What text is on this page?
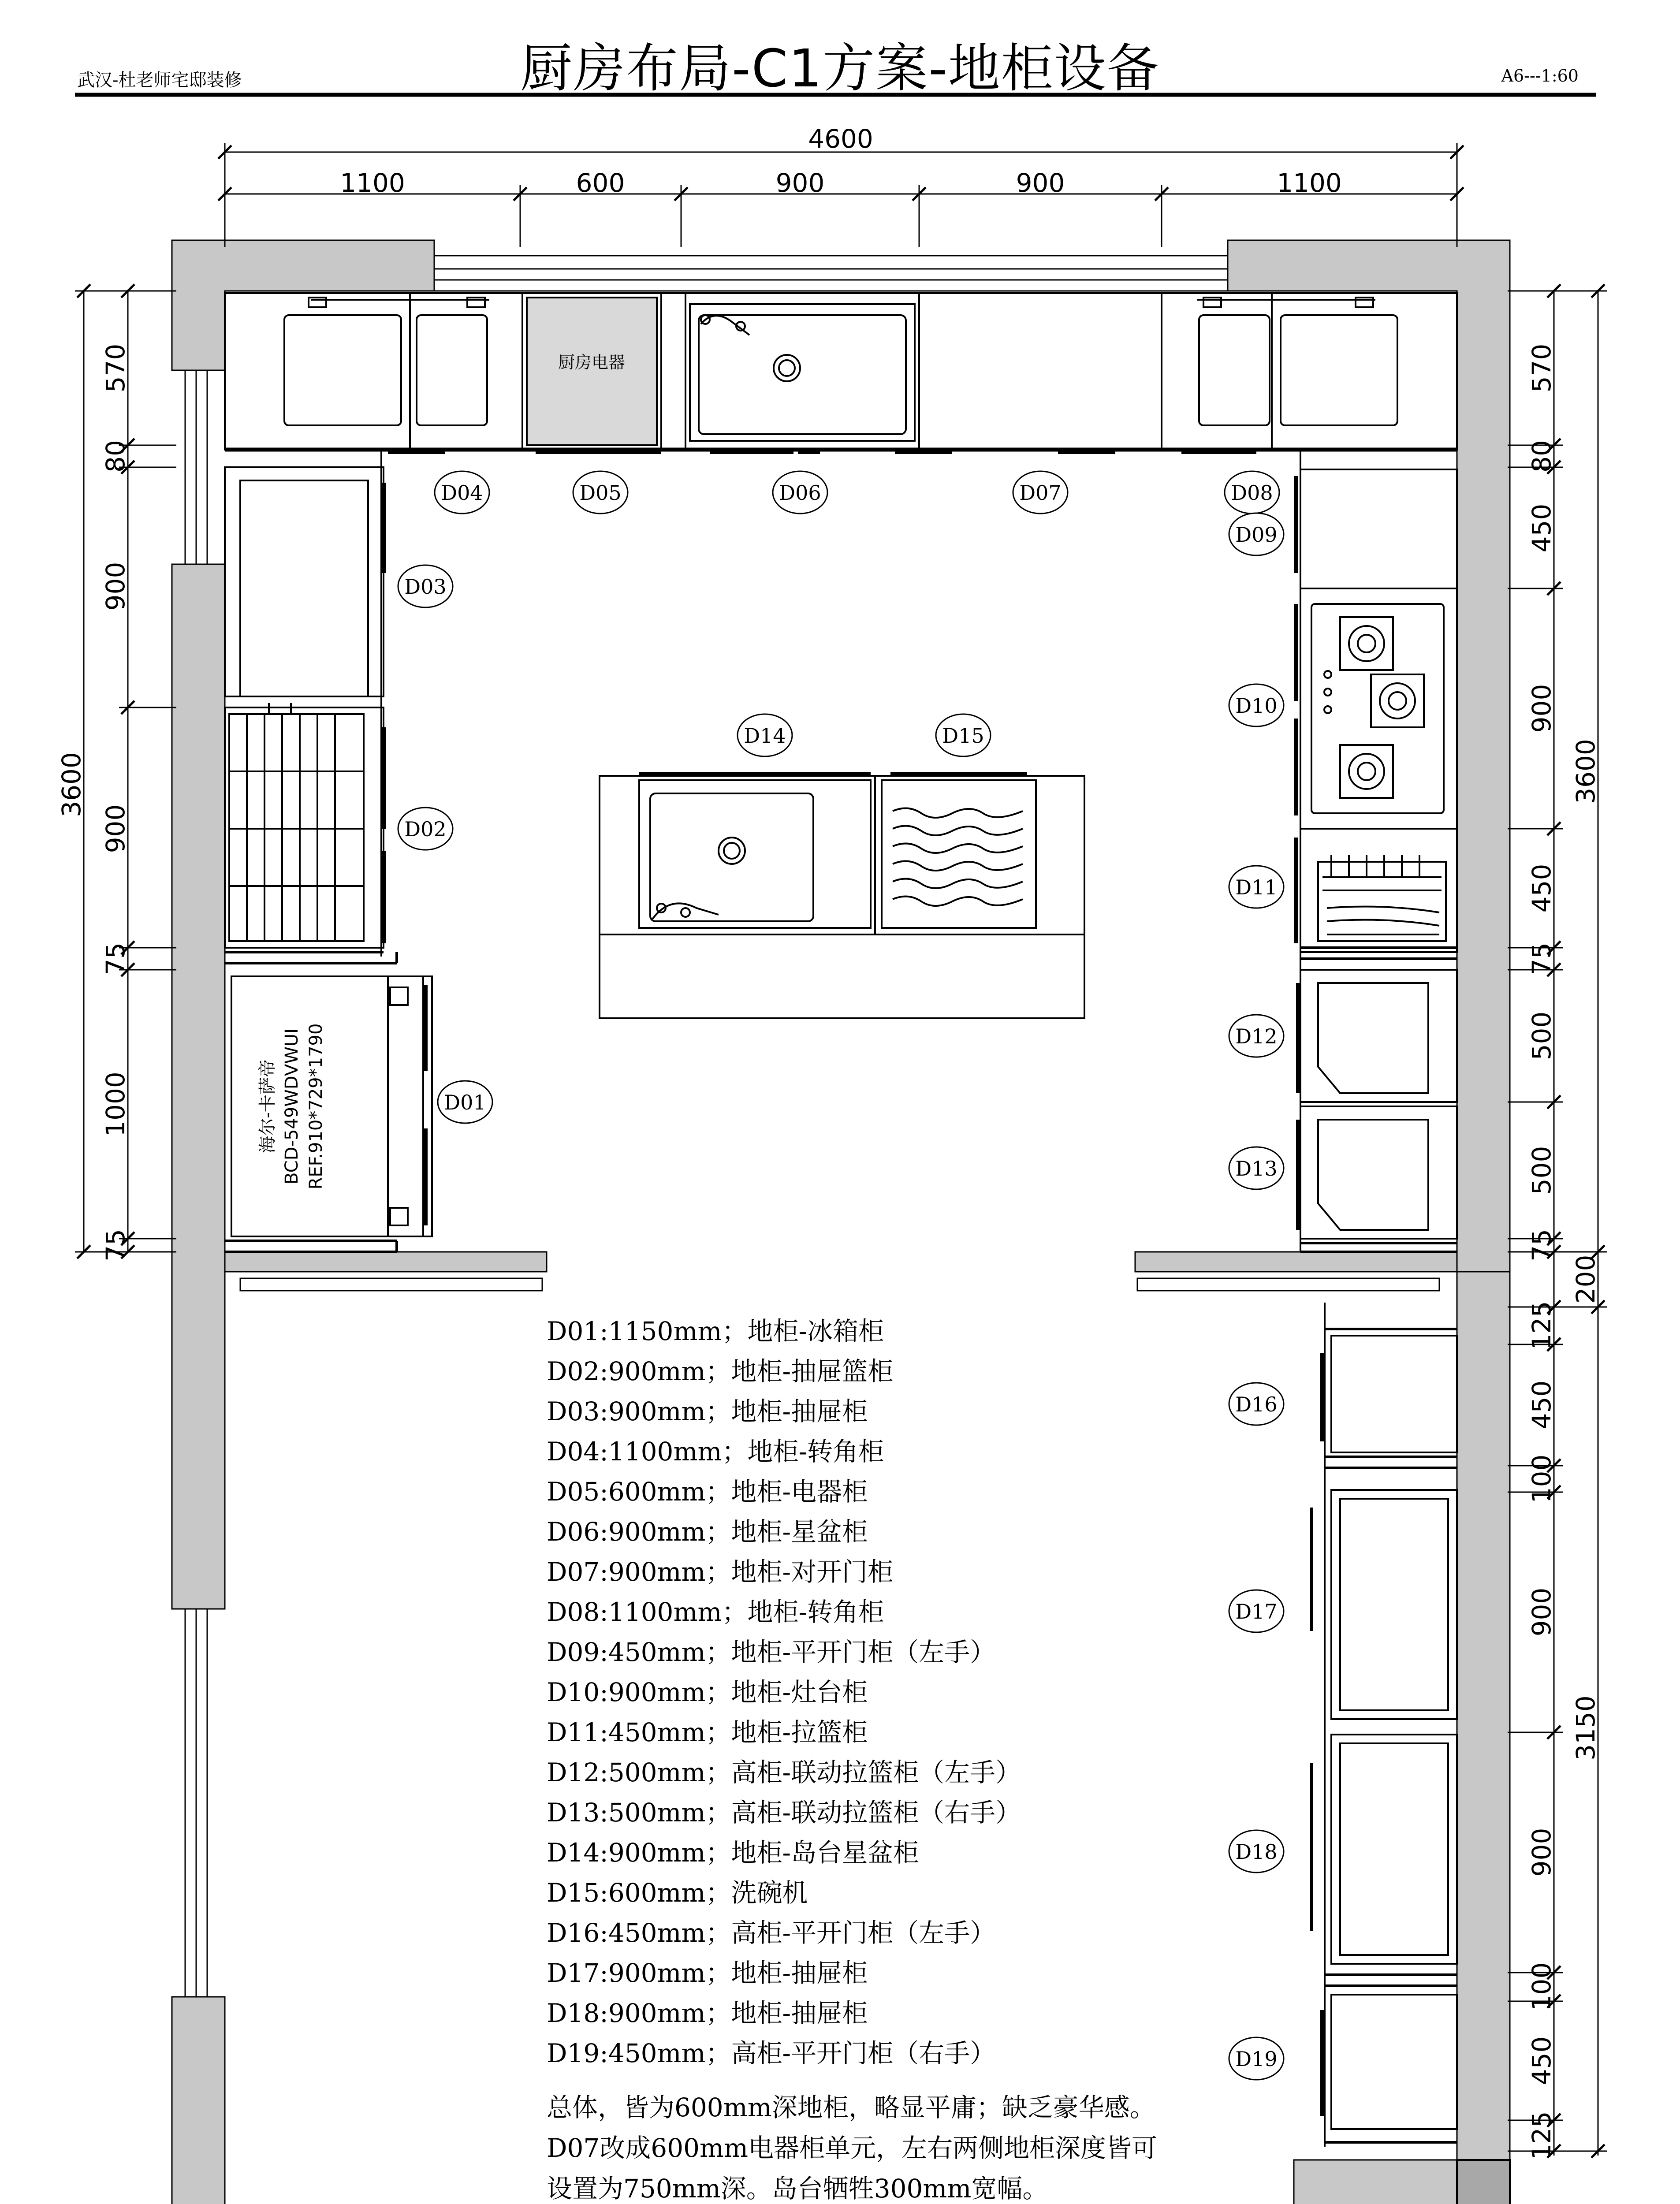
厨房布局-C1方案-地柜设备
武汉-杜老师宅邸装修	A6---1:60
厨房电器
海尔-卡萨帝 BCD-549WDVWUI REF.910*729*1790
4600
1100	600	900	900	1100
3600
570
80
900
900
75
1000
75
570
80
450
900
450
75
500
500
75
3600
200
125
450
100
900
900
100
450
125
3150
D01
D02
D03
D04	D05	D06	D07	D08
D09
D10
D11
D12
D13
D14	D15
D16
D17
D18
D19
D01:1150mm；地柜-冰箱柜
D02:900mm；地柜-抽屉篮柜
D03:900mm；地柜-抽屉柜
D04:1100mm；地柜-转角柜
D05:600mm；地柜-电器柜
D06:900mm；地柜-星盆柜
D07:900mm；地柜-对开门柜
D08:1100mm；地柜-转角柜
D09:450mm；地柜-平开门柜（左手）
D10:900mm；地柜-灶台柜
D11:450mm；地柜-拉篮柜
D12:500mm；高柜-联动拉篮柜（左手）
D13:500mm；高柜-联动拉篮柜（右手）
D14:900mm；地柜-岛台星盆柜
D15:600mm；洗碗机
D16:450mm；高柜-平开门柜（左手）
D17:900mm；地柜-抽屉柜
D18:900mm；地柜-抽屉柜
D19:450mm；高柜-平开门柜（右手）
总体，皆为600mm深地柜，略显平庸；缺乏豪华感。
D07改成600mm电器柜单元，左右两侧地柜深度皆可
设置为750mm深。岛台牺牲300mm宽幅。
